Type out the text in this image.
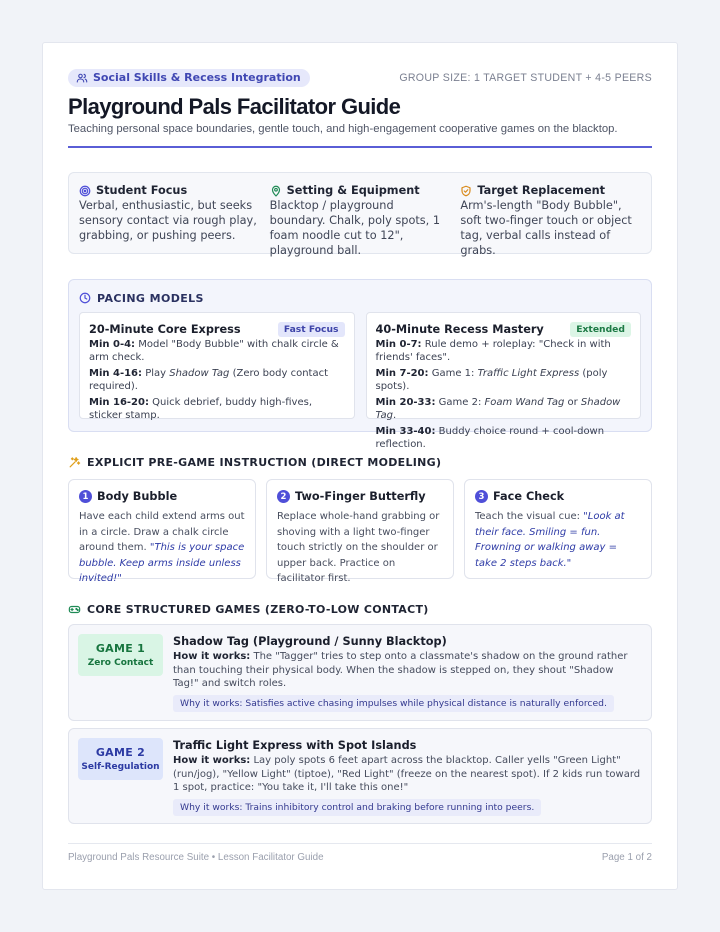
Social Skills & Recess Integration	GROUP SIZE: 1 TARGET STUDENT + 4-5 PEERS
Playground Pals Facilitator Guide
Teaching personal space boundaries, gentle touch, and high-engagement cooperative games on the blacktop.
Student Focus
Verbal, enthusiastic, but seeks sensory contact via rough play, grabbing, or pushing peers.
Setting & Equipment
Blacktop / playground boundary. Chalk, poly spots, 1 foam noodle cut to 12", playground ball.
Target Replacement
Arm's-length "Body Bubble", soft two-finger touch or object tag, verbal calls instead of grabs.
PACING MODELS
20-Minute Core Express	Fast Focus
Min 0-4: Model "Body Bubble" with chalk circle & arm check.
Min 4-16: Play Shadow Tag (Zero body contact required).
Min 16-20: Quick debrief, buddy high-fives, sticker stamp.
40-Minute Recess Mastery	Extended
Min 0-7: Rule demo + roleplay: "Check in with friends' faces".
Min 7-20: Game 1: Traffic Light Express (poly spots).
Min 20-33: Game 2: Foam Wand Tag or Shadow Tag.
Min 33-40: Buddy choice round + cool-down reflection.
EXPLICIT PRE-GAME INSTRUCTION (DIRECT MODELING)
1 Body Bubble
Have each child extend arms out in a circle. Draw a chalk circle around them. "This is your space bubble. Keep arms inside unless invited!"
2 Two-Finger Butterfly
Replace whole-hand grabbing or shoving with a light two-finger touch strictly on the shoulder or upper back. Practice on facilitator first.
3 Face Check
Teach the visual cue: "Look at their face. Smiling = fun. Frowning or walking away = take 2 steps back."
CORE STRUCTURED GAMES (ZERO-TO-LOW CONTACT)
GAME 1
Zero Contact
Shadow Tag (Playground / Sunny Blacktop)
How it works: The "Tagger" tries to step onto a classmate's shadow on the ground rather than touching their physical body. When the shadow is stepped on, they shout "Shadow Tag!" and switch roles.
Why it works: Satisfies active chasing impulses while physical distance is naturally enforced.
GAME 2
Self-Regulation
Traffic Light Express with Spot Islands
How it works: Lay poly spots 6 feet apart across the blacktop. Caller yells "Green Light" (run/jog), "Yellow Light" (tiptoe), "Red Light" (freeze on the nearest spot). If 2 kids run toward 1 spot, practice: "You take it, I'll take this one!"
Why it works: Trains inhibitory control and braking before running into peers.
Playground Pals Resource Suite • Lesson Facilitator Guide	Page 1 of 2
